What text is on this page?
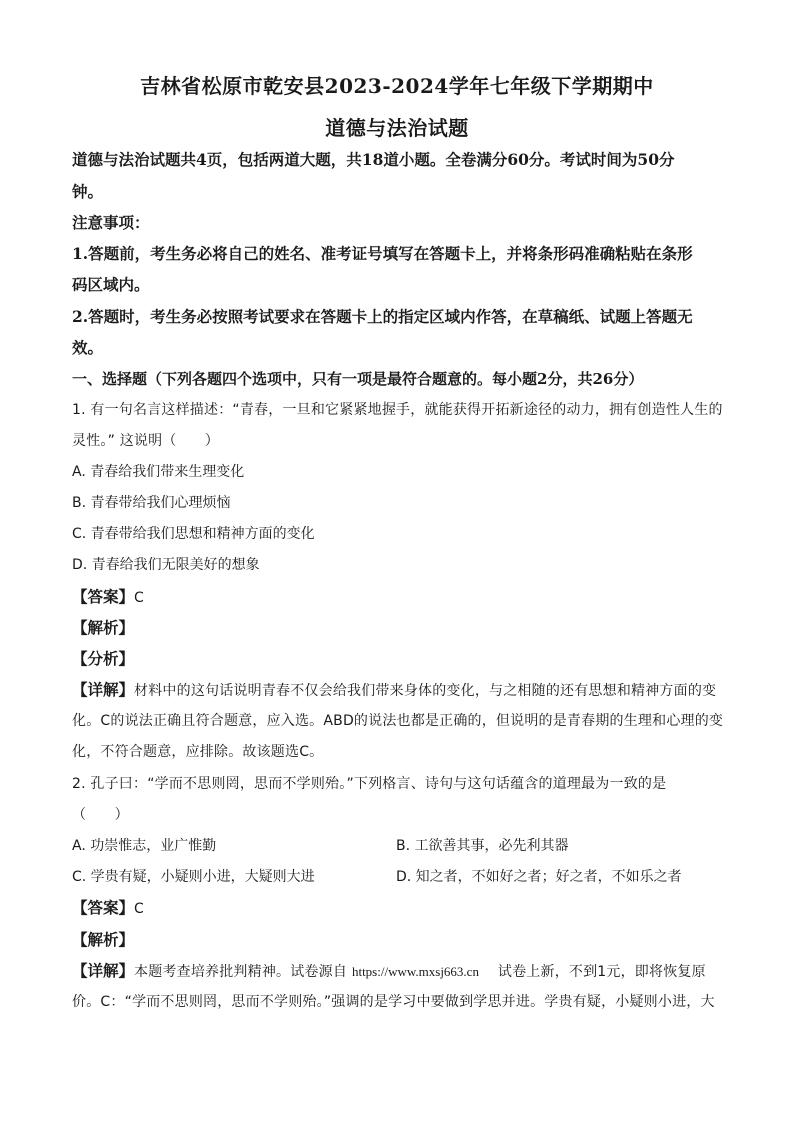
吉林省松原市乾安县2023-2024学年七年级下学期期中
道德与法治试题
道德与法治试题共4页，包括两道大题，共18道小题。全卷满分60分。考试时间为50分
钟。
注意事项：
1.答题前，考生务必将自己的姓名、准考证号填写在答题卡上，并将条形码准确粘贴在条形
码区域内。
2.答题时，考生务必按照考试要求在答题卡上的指定区域内作答，在草稿纸、试题上答题无
效。
一、选择题（下列各题四个选项中，只有一项是最符合题意的。每小题2分，共26分）
1. 有一句名言这样描述：“青春，一旦和它紧紧地握手，就能获得开拓新途径的动力，拥有创造性人生的
灵性。” 这说明（　　）
A. 青春给我们带来生理变化
B. 青春带给我们心理烦恼
C. 青春带给我们思想和精神方面的变化
D. 青春给我们无限美好的想象
【答案】C
【解析】
【分析】
【详解】材料中的这句话说明青春不仅会给我们带来身体的变化，与之相随的还有思想和精神方面的变
化。C的说法正确且符合题意，应入选。ABD的说法也都是正确的，但说明的是青春期的生理和心理的变
化，不符合题意，应排除。故该题选C。
2. 孔子曰：“学而不思则罔，思而不学则殆。”下列格言、诗句与这句话蕴含的道理最为一致的是
（　　）
A. 功崇惟志，业广惟勤	B. 工欲善其事，必先利其器
C. 学贵有疑，小疑则小进，大疑则大进	D. 知之者，不如好之者；好之者，不如乐之者
【答案】C
【解析】
【详解】本题考查培养批判精神。试卷源自 https://www.mxsj663.cn 试卷上新，不到1元，即将恢复原
价。C：“学而不思则罔，思而不学则殆。”强调的是学习中要做到学思并进。学贵有疑，小疑则小进，大
